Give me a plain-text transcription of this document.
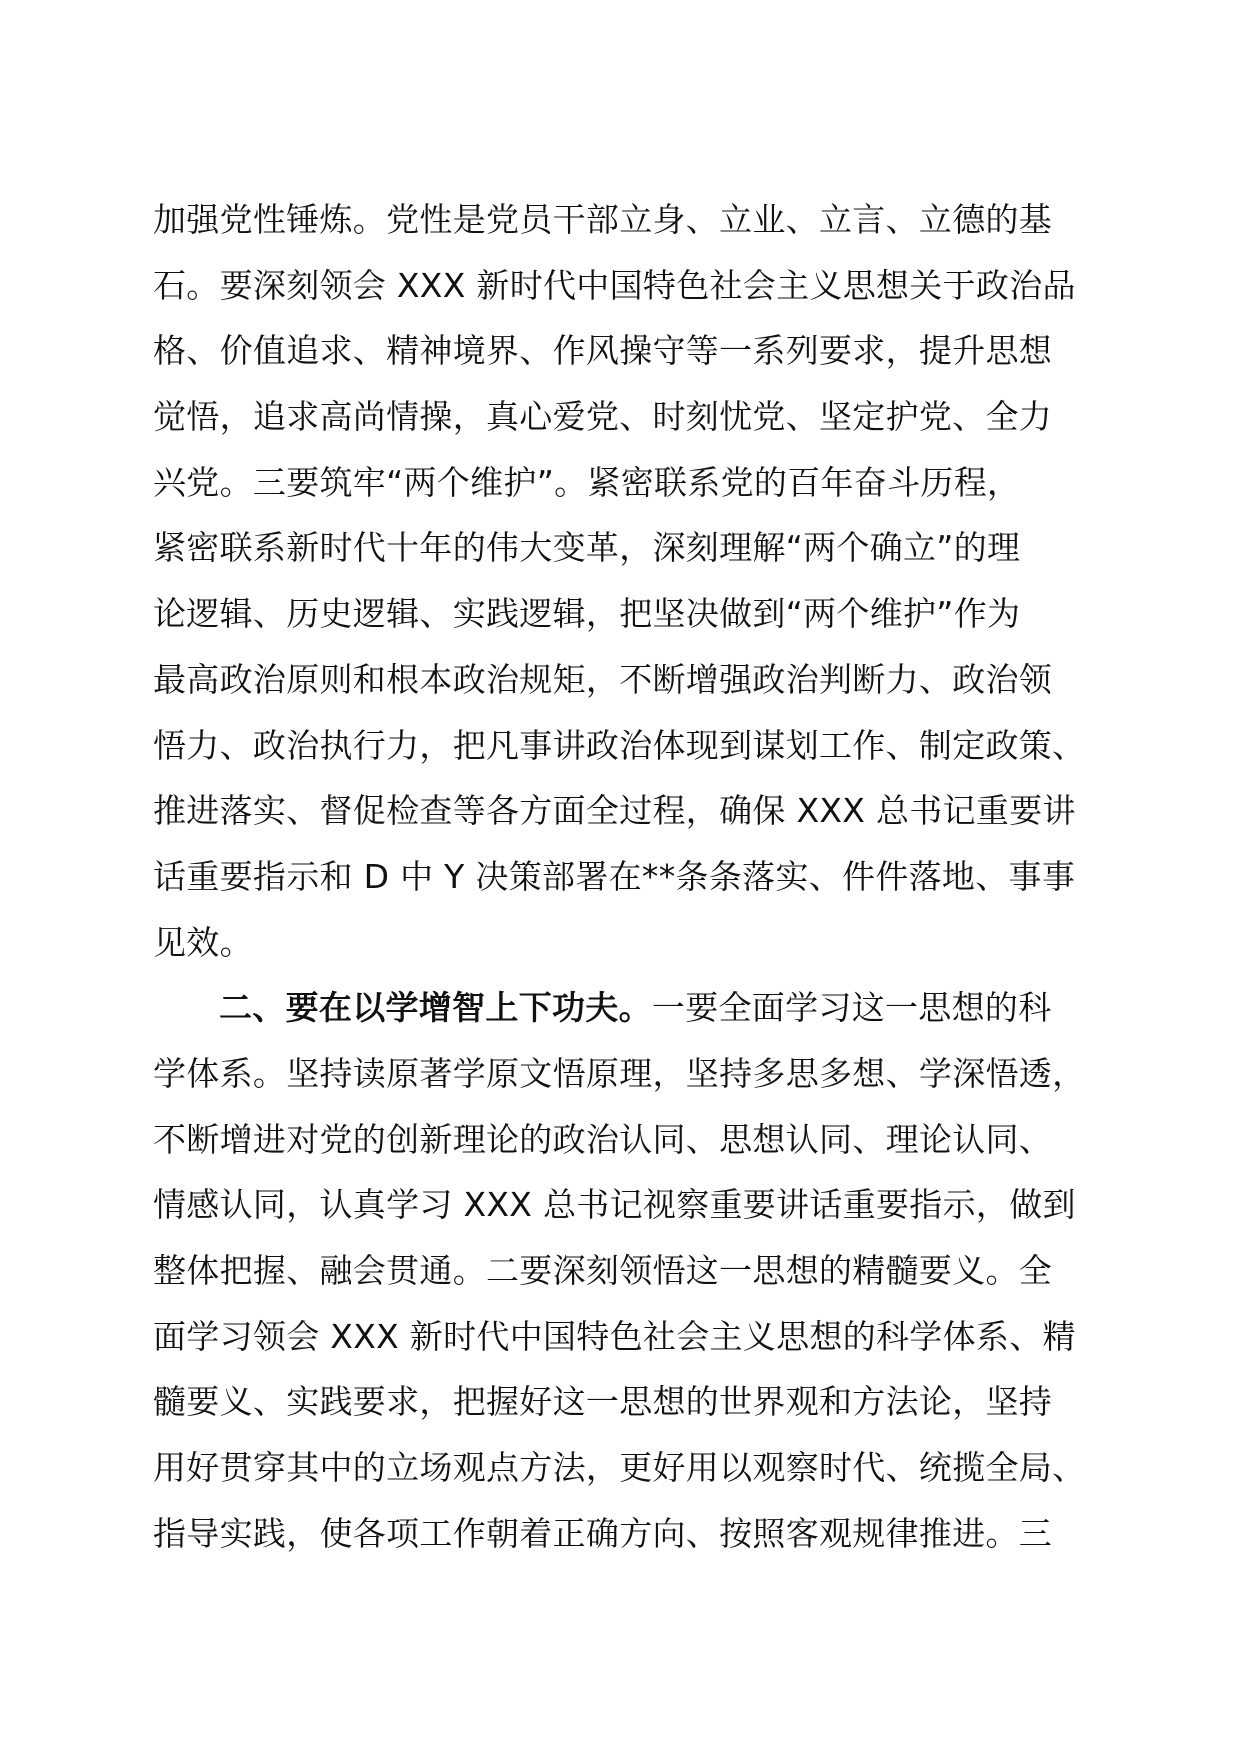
加强党性锤炼。党性是党员干部立身、立业、立言、立德的基
石。要深刻领会 XXX 新时代中国特色社会主义思想关于政治品
格、价值追求、精神境界、作风操守等一系列要求，提升思想
觉悟，追求高尚情操，真心爱党、时刻忧党、坚定护党、全力
兴党。三要筑牢“两个维护”。紧密联系党的百年奋斗历程，
紧密联系新时代十年的伟大变革，深刻理解“两个确立”的理
论逻辑、历史逻辑、实践逻辑，把坚决做到“两个维护”作为
最高政治原则和根本政治规矩，不断增强政治判断力、政治领
悟力、政治执行力，把凡事讲政治体现到谋划工作、制定政策、
推进落实、督促检查等各方面全过程，确保 XXX 总书记重要讲
话重要指示和 D 中 Y 决策部署在**条条落实、件件落地、事事
见效。
二、要在以学增智上下功夫。一要全面学习这一思想的科
学体系。坚持读原著学原文悟原理，坚持多思多想、学深悟透，
不断增进对党的创新理论的政治认同、思想认同、理论认同、
情感认同，认真学习 XXX 总书记视察重要讲话重要指示，做到
整体把握、融会贯通。二要深刻领悟这一思想的精髓要义。全
面学习领会 XXX 新时代中国特色社会主义思想的科学体系、精
髓要义、实践要求，把握好这一思想的世界观和方法论，坚持
用好贯穿其中的立场观点方法，更好用以观察时代、统揽全局、
指导实践，使各项工作朝着正确方向、按照客观规律推进。三
